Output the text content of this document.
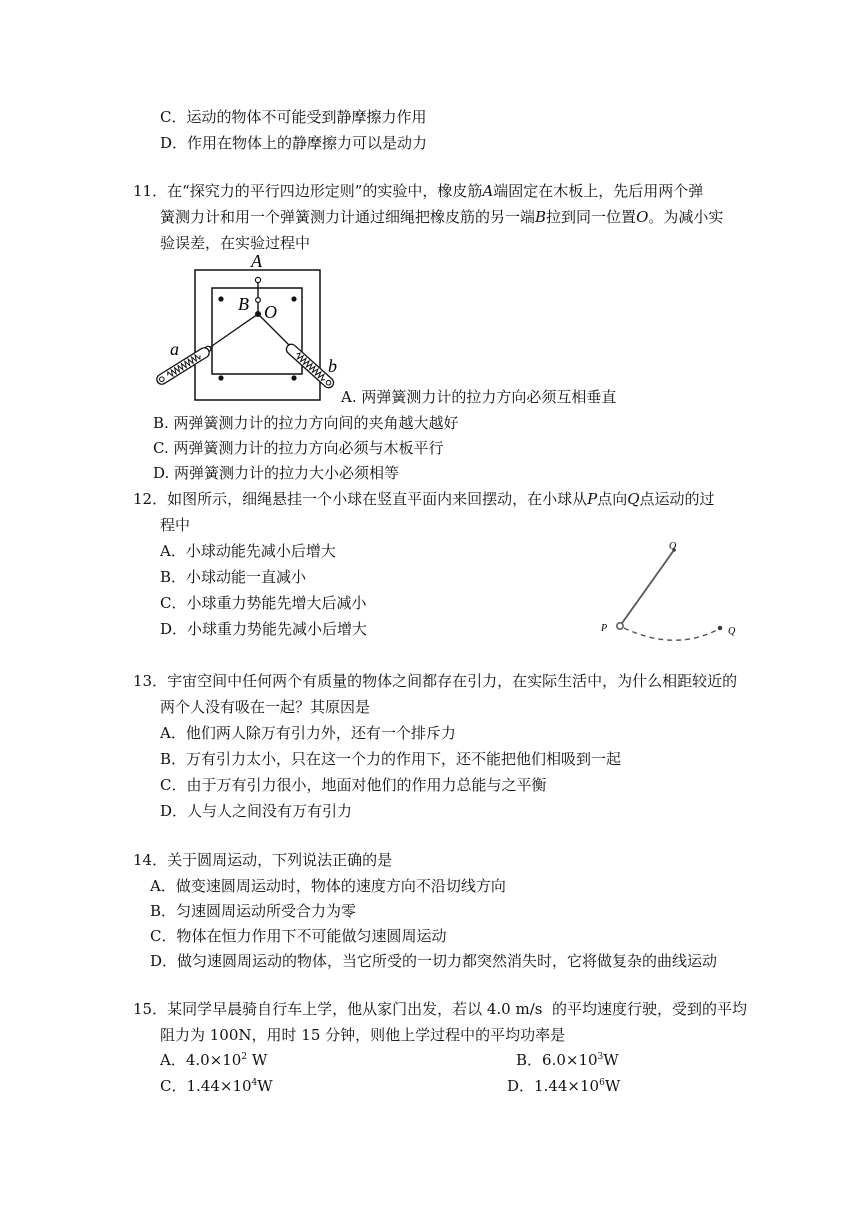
C．运动的物体不可能受到静摩擦力作用
D．作用在物体上的静摩擦力可以是动力
11．在“探究力的平行四边形定则”的实验中，橡皮筋A端固定在木板上，先后用两个弹
簧测力计和用一个弹簧测力计通过细绳把橡皮筋的另一端B拉到同一位置O。为减小实
验误差，在实验过程中
A
B O
a
b
A. 两弹簧测力计的拉力方向必须互相垂直
B. 两弹簧测力计的拉力方向间的夹角越大越好
C. 两弹簧测力计的拉力方向必须与木板平行
D. 两弹簧测力计的拉力大小必须相等
12．如图所示，细绳悬挂一个小球在竖直平面内来回摆动，在小球从P点向Q点运动的过
程中
A．小球动能先减小后增大
B．小球动能一直减小
C．小球重力势能先增大后减小
D．小球重力势能先减小后增大
O
P	Q
13．宇宙空间中任何两个有质量的物体之间都存在引力，在实际生活中，为什么相距较近的
两个人没有吸在一起？其原因是
A．他们两人除万有引力外，还有一个排斥力
B．万有引力太小，只在这一个力的作用下，还不能把他们相吸到一起
C．由于万有引力很小，地面对他们的作用力总能与之平衡
D．人与人之间没有万有引力
14．关于圆周运动，下列说法正确的是
A．做变速圆周运动时，物体的速度方向不沿切线方向
B．匀速圆周运动所受合力为零
C．物体在恒力作用下不可能做匀速圆周运动
D．做匀速圆周运动的物体，当它所受的一切力都突然消失时，它将做复杂的曲线运动
15．某同学早晨骑自行车上学，他从家门出发，若以 4.0 m/s  的平均速度行驶，受到的平均
阻力为 100N，用时 15 分钟，则他上学过程中的平均功率是
A．$4.0\times 10^2$ W	B．$6.0\times 10^3W$
C．$1.44\times 10^4W$	D．$1.44\times 10^6W$
